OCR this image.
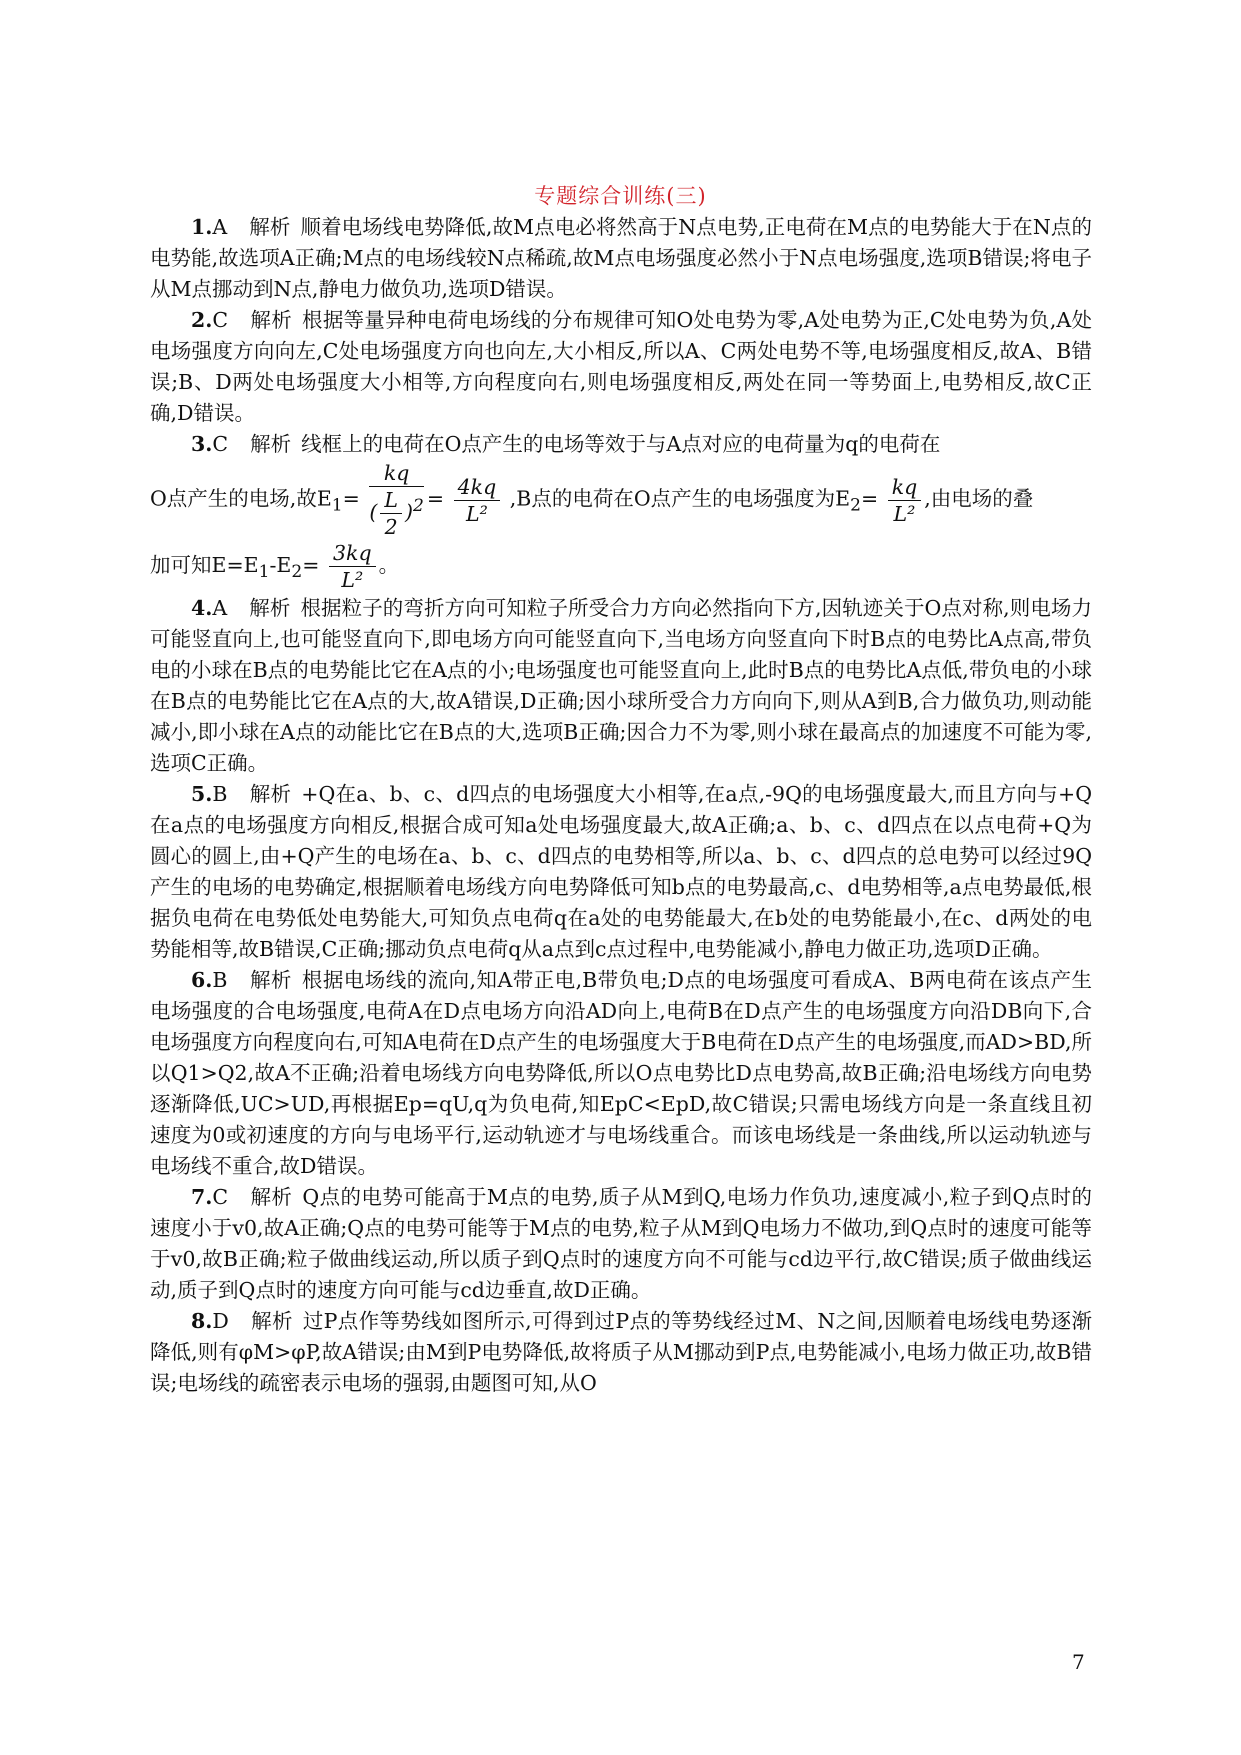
专题综合训练(三)

1.A 解析 顺着电场线电势降低,故M点电必将然高于N点电势,正电荷在M点的电势能大于在N点的电势能,故选项A正确;M点的电场线较N点稀疏,故M点电场强度必然小于N点电场强度,选项B错误;将电子从M点挪动到N点,静电力做负功,选项D错误。

2.C 解析 根据等量异种电荷电场线的分布规律可知O处电势为零,A处电势为正,C处电势为负,A处电场强度方向向左,C处电场强度方向也向左,大小相反,所以A、C两处电势不等,电场强度相反,故A、B错误;B、D两处电场强度大小相等,方向程度向右,则电场强度相反,两处在同一等势面上,电势相反,故C正确,D错误。

3.C 解析 线框上的电荷在O点产生的电场等效于与A点对应的电荷量为q的电荷在

O点产生的电场,故$E_1= \frac{kq}{( \frac{L}{2} )^2} = \frac{4kq}{\text{L²}} ,B$点的电荷在O点产生的电场强度为$E_2= \frac{kq}{\text{L²}}$ ,由电场的叠

加可知$E=E_1-E_2= \frac{3kq}{\text{L²}}$ 。

4.A 解析 根据粒子的弯折方向可知粒子所受合力方向必然指向下方,因轨迹关于O点对称,则电场力可能竖直向上,也可能竖直向下,即电场方向可能竖直向下,当电场方向竖直向下时B点的电势比A点高,带负电的小球在B点的电势能比它在A点的小;电场强度也可能竖直向上,此时B点的电势比A点低,带负电的小球在B点的电势能比它在A点的大,故A错误,D正确;因小球所受合力方向向下,则从A到B,合力做负功,则动能减小,即小球在A点的动能比它在B点的大,选项B正确;因合力不为零,则小球在最高点的加速度不可能为零,选项C正确。

5.B 解析 +Q在a、b、c、d四点的电场强度大小相等,在a点,-9Q的电场强度最大,而且方向与+Q在a点的电场强度方向相反,根据合成可知a处电场强度最大,故A正确;a、b、c、d四点在以点电荷+Q为圆心的圆上,由+Q产生的电场在a、b、c、d四点的电势相等,所以a、b、c、d四点的总电势可以经过9Q产生的电场的电势确定,根据顺着电场线方向电势降低可知b点的电势最高,c、d电势相等,a点电势最低,根据负电荷在电势低处电势能大,可知负点电荷q在a处的电势能最大,在b处的电势能最小,在c、d两处的电势能相等,故B错误,C正确;挪动负点电荷q从a点到c点过程中,电势能减小,静电力做正功,选项D正确。

6.B 解析 根据电场线的流向,知A带正电,B带负电;D点的电场强度可看成A、B两电荷在该点产生电场强度的合电场强度,电荷A在D点电场方向沿AD向上,电荷B在D点产生的电场强度方向沿DB向下,合电场强度方向程度向右,可知A电荷在D点产生的电场强度大于B电荷在D点产生的电场强度,而AD>BD,所以Q1>Q2,故A不正确;沿着电场线方向电势降低,所以O点电势比D点电势高,故B正确;沿电场线方向电势逐渐降低,UC>UD,再根据Ep=qU,q为负电荷,知EpC<EpD,故C错误;只需电场线方向是一条直线且初速度为0或初速度的方向与电场平行,运动轨迹才与电场线重合。而该电场线是一条曲线,所以运动轨迹与电场线不重合,故D错误。

7.C 解析 Q点的电势可能高于M点的电势,质子从M到Q,电场力作负功,速度减小,粒子到Q点时的速度小于v0,故A正确;Q点的电势可能等于M点的电势,粒子从M到Q电场力不做功,到Q点时的速度可能等于v0,故B正确;粒子做曲线运动,所以质子到Q点时的速度方向不可能与cd边平行,故C错误;质子做曲线运动,质子到Q点时的速度方向可能与cd边垂直,故D正确。

8.D 解析 过P点作等势线如图所示,可得到过P点的等势线经过M、N之间,因顺着电场线电势逐渐降低,则有φM>φP,故A错误;由M到P电势降低,故将质子从M挪动到P点,电势能减小,电场力做正功,故B错误;电场线的疏密表示电场的强弱,由题图可知,从O

7
